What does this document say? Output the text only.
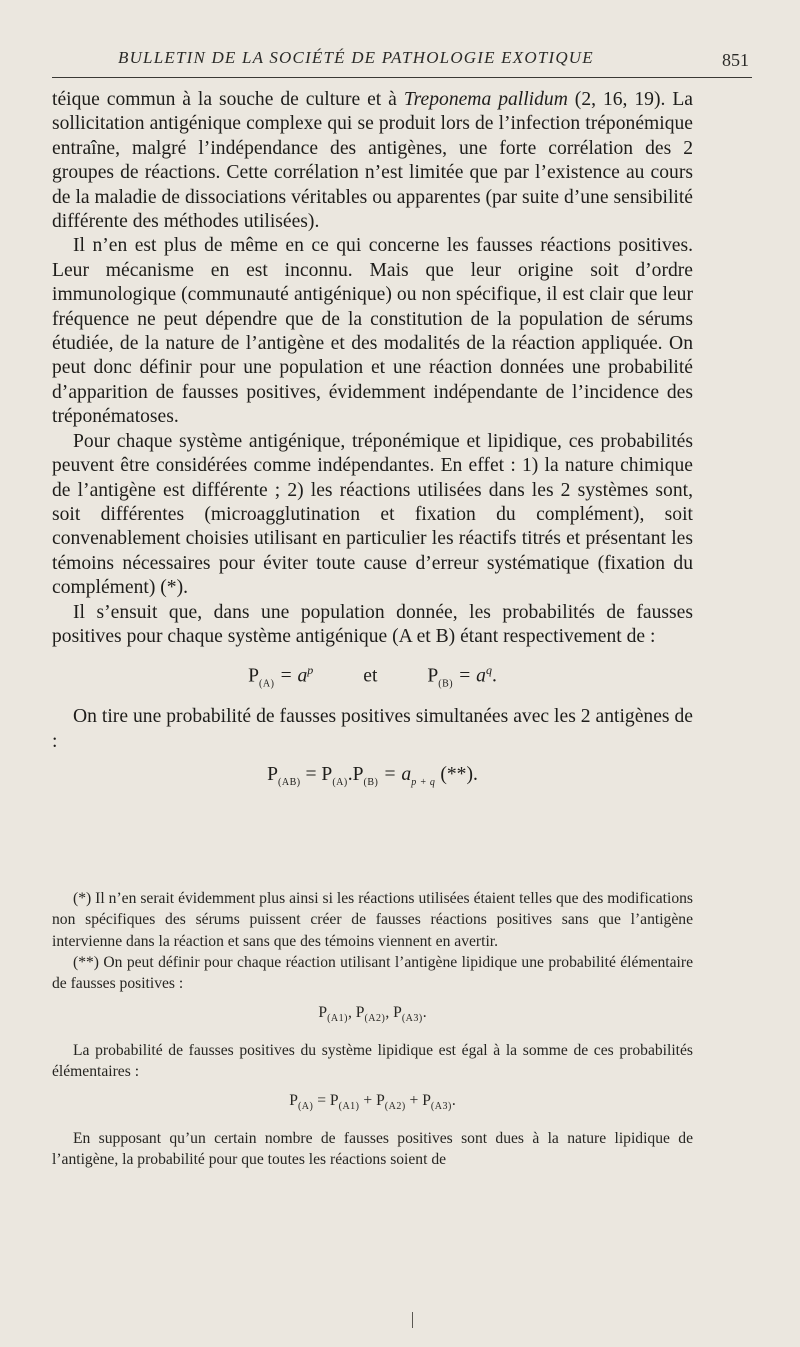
BULLETIN DE LA SOCIÉTÉ DE PATHOLOGIE EXOTIQUE	851

téique commun à la souche de culture et à Treponema pallidum (2, 16, 19). La sollicitation antigénique complexe qui se produit lors de l’infection tréponémique entraîne, malgré l’indépendance des antigènes, une forte corrélation des 2 groupes de réactions. Cette corrélation n’est limitée que par l’existence au cours de la maladie de dissociations véritables ou apparentes (par suite d’une sensibilité différente des méthodes utilisées).

Il n’en est plus de même en ce qui concerne les fausses réactions positives. Leur mécanisme en est inconnu. Mais que leur origine soit d’ordre immunologique (communauté antigénique) ou non spécifique, il est clair que leur fréquence ne peut dépendre que de la constitution de la population de sérums étudiée, de la nature de l’antigène et des modalités de la réaction appliquée. On peut donc définir pour une population et une réaction données une probabilité d’apparition de fausses positives, évidemment indépendante de l’incidence des tréponématoses.

Pour chaque système antigénique, tréponémique et lipidique, ces probabilités peuvent être considérées comme indépendantes. En effet : 1) la nature chimique de l’antigène est différente ; 2) les réactions utilisées dans les 2 systèmes sont, soit différentes (microagglutination et fixation du complément), soit convenablement choisies utilisant en particulier les réactifs titrés et présentant les témoins nécessaires pour éviter toute cause d’erreur systématique (fixation du complément) (*).

Il s’ensuit que, dans une population donnée, les probabilités de fausses positives pour chaque système antigénique (A et B) étant respectivement de :

$P_{(A)} = a^p$	et	$P_{(B)} = a^q$.

On tire une probabilité de fausses positives simultanées avec les 2 antigènes de :

$P_{(AB)} = P_{(A)}.P_{(B)} = a_{p + q}$ (**).

(*) Il n’en serait évidemment plus ainsi si les réactions utilisées étaient telles que des modifications non spécifiques des sérums puissent créer de fausses réactions positives sans que l’antigène intervienne dans la réaction et sans que des témoins viennent en avertir.

(**) On peut définir pour chaque réaction utilisant l’antigène lipidique une probabilité élémentaire de fausses positives :

$P_{(A1)}$, $P_{(A2)}$, $P_{(A3)}$.

La probabilité de fausses positives du système lipidique est égal à la somme de ces probabilités élémentaires :

$P_{(A)} = P_{(A1)} + P_{(A2)} + P_{(A3)}$.

En supposant qu’un certain nombre de fausses positives sont dues à la nature lipidique de l’antigène, la probabilité pour que toutes les réactions soient de
